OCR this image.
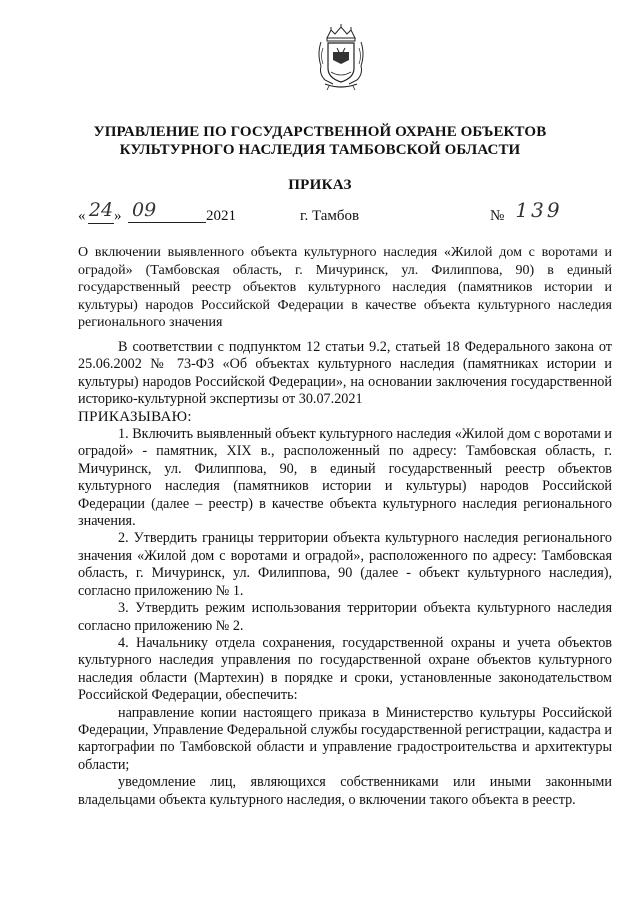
УПРАВЛЕНИЕ ПО ГОСУДАРСТВЕННОЙ ОХРАНЕ ОБЪЕКТОВ
КУЛЬТУРНОГО НАСЛЕДИЯ ТАМБОВСКОЙ ОБЛАСТИ
ПРИКАЗ
« 24 » 09	2021	г. Тамбов	№ 139
О включении выявленного объекта культурного наследия «Жилой дом с воротами и оградой» (Тамбовская область, г. Мичуринск, ул. Филиппова, 90) в единый государственный реестр объектов культурного наследия (памятников истории и культуры) народов Российской Федерации в качестве объекта культурного наследия регионального значения

В соответствии с подпунктом 12 статьи 9.2, статьей 18 Федерального закона от 25.06.2002 № 73-ФЗ «Об объектах культурного наследия (памятниках истории и культуры) народов Российской Федерации», на основании заключения государственной историко-культурной экспертизы от 30.07.2021

ПРИКАЗЫВАЮ:

1. Включить выявленный объект культурного наследия «Жилой дом с воротами и оградой» - памятник, XIX в., расположенный по адресу: Тамбовская область, г. Мичуринск, ул. Филиппова, 90, в единый государственный реестр объектов культурного наследия (памятников истории и культуры) народов Российской Федерации (далее – реестр) в качестве объекта культурного наследия регионального значения.

2. Утвердить границы территории объекта культурного наследия регионального значения «Жилой дом с воротами и оградой», расположенного по адресу: Тамбовская область, г. Мичуринск, ул. Филиппова, 90 (далее - объект культурного наследия), согласно приложению № 1.

3. Утвердить режим использования территории объекта культурного наследия согласно приложению № 2.

4. Начальнику отдела сохранения, государственной охраны и учета объектов культурного наследия управления по государственной охране объектов культурного наследия области (Мартехин) в порядке и сроки, установленные законодательством Российской Федерации, обеспечить:

направление копии настоящего приказа в Министерство культуры Российской Федерации, Управление Федеральной службы государственной регистрации, кадастра и картографии по Тамбовской области и управление градостроительства и архитектуры области;

уведомление лиц, являющихся собственниками или иными законными владельцами объекта культурного наследия, о включении такого объекта в реестр.
